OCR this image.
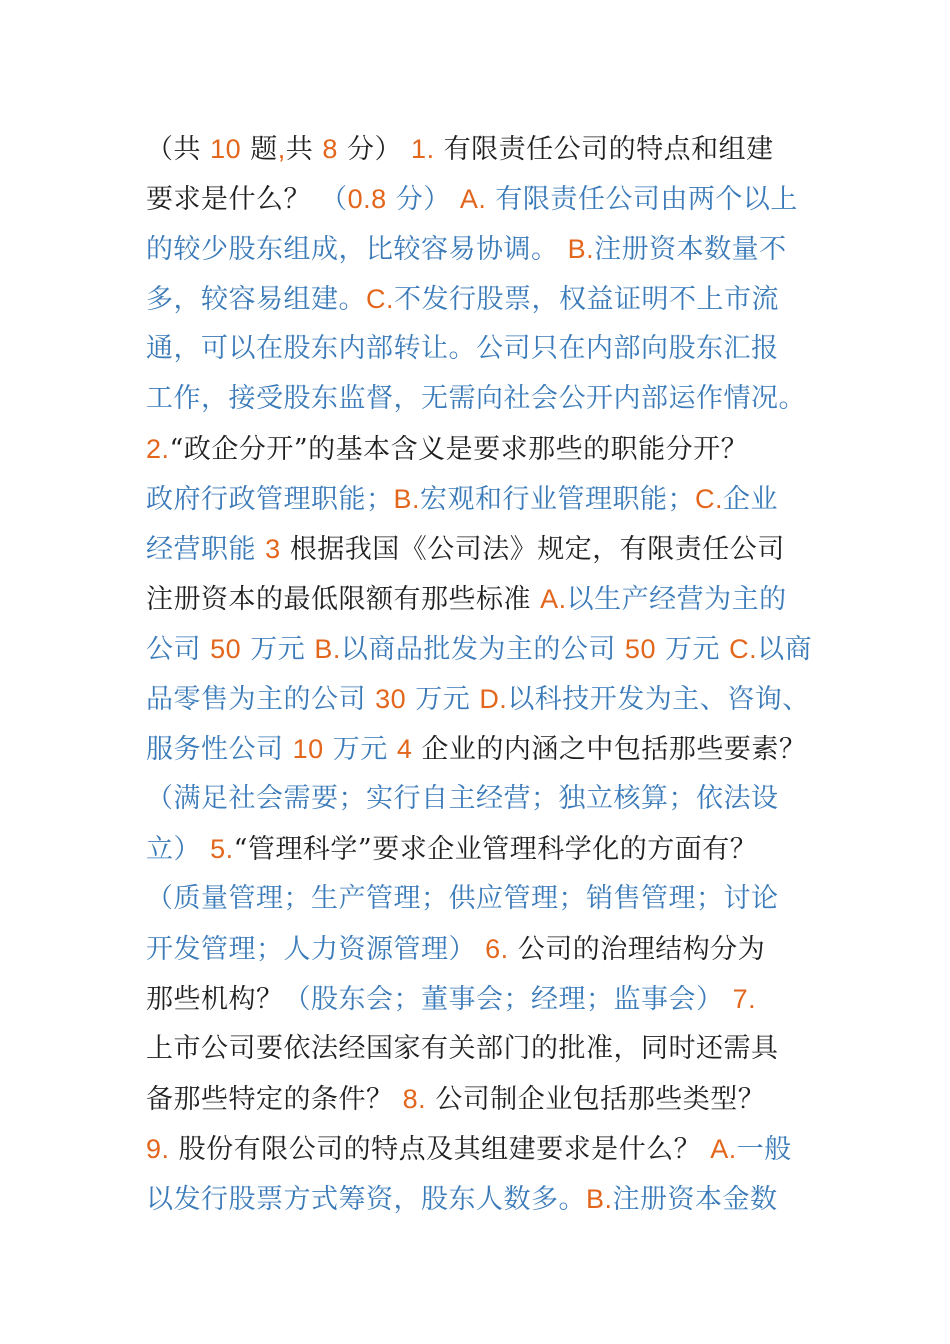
（共 10 题,共 8 分） 1. 有限责任公司的特点和组建
要求是什么？ （0.8 分） A. 有限责任公司由两个以上
的较少股东组成，比较容易协调。 B.注册资本数量不
多，较容易组建。C.不发行股票，权益证明不上市流
通，可以在股东内部转让。公司只在内部向股东汇报
工作，接受股东监督，无需向社会公开内部运作情况。
2.“政企分开”的基本含义是要求那些的职能分开？
政府行政管理职能；B.宏观和行业管理职能；C.企业
经营职能 3 根据我国《公司法》规定，有限责任公司
注册资本的最低限额有那些标准 A.以生产经营为主的
公司 50 万元 B.以商品批发为主的公司 50 万元 C.以商
品零售为主的公司 30 万元 D.以科技开发为主、咨询、
服务性公司 10 万元 4 企业的内涵之中包括那些要素？
（满足社会需要；实行自主经营；独立核算；依法设
立） 5.“管理科学”要求企业管理科学化的方面有？
（质量管理；生产管理；供应管理；销售管理；讨论
开发管理；人力资源管理） 6. 公司的治理结构分为
那些机构？（股东会；董事会；经理；监事会） 7.
上市公司要依法经国家有关部门的批准，同时还需具
备那些特定的条件？ 8. 公司制企业包括那些类型？
9. 股份有限公司的特点及其组建要求是什么？ A.一般
以发行股票方式筹资，股东人数多。B.注册资本金数
